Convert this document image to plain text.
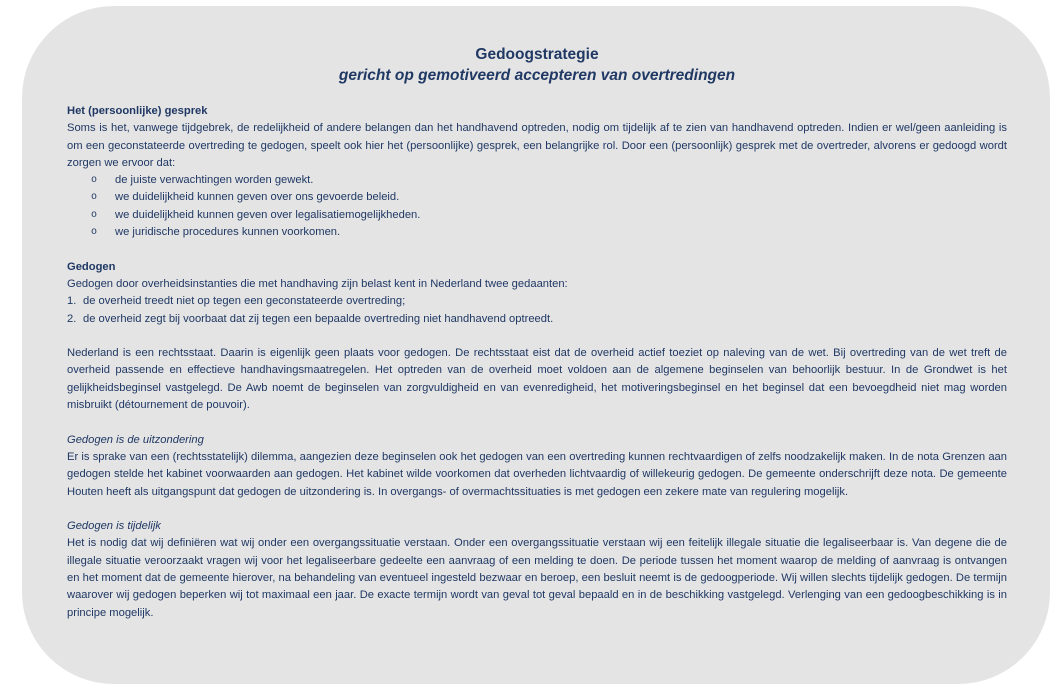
Gedoogstrategie
gericht op gemotiveerd accepteren van overtredingen

Het (persoonlijke) gesprek

Soms is het, vanwege tijdgebrek, de redelijkheid of andere belangen dan het handhavend optreden, nodig om tijdelijk af te zien van handhavend optreden. Indien er wel/geen aanleiding is om een geconstateerde overtreding te gedogen, speelt ook hier het (persoonlijke) gesprek, een belangrijke rol. Door een (persoonlijk) gesprek met de overtreder, alvorens er gedoogd wordt zorgen we ervoor dat:

o de juiste verwachtingen worden gewekt.
o we duidelijkheid kunnen geven over ons gevoerde beleid.
o we duidelijkheid kunnen geven over legalisatiemogelijkheden.
o we juridische procedures kunnen voorkomen.

Gedogen

Gedogen door overheidsinstanties die met handhaving zijn belast kent in Nederland twee gedaanten:

1. de overheid treedt niet op tegen een geconstateerde overtreding;
2. de overheid zegt bij voorbaat dat zij tegen een bepaalde overtreding niet handhavend optreedt.

Nederland is een rechtsstaat. Daarin is eigenlijk geen plaats voor gedogen. De rechtsstaat eist dat de overheid actief toeziet op naleving van de wet. Bij overtreding van de wet treft de overheid passende en effectieve handhavingsmaatregelen. Het optreden van de overheid moet voldoen aan de algemene beginselen van behoorlijk bestuur. In de Grondwet is het gelijkheidsbeginsel vastgelegd. De Awb noemt de beginselen van zorgvuldigheid en van evenredigheid, het motiveringsbeginsel en het beginsel dat een bevoegdheid niet mag worden misbruikt (détournement de pouvoir).

Gedogen is de uitzondering

Er is sprake van een (rechtsstatelijk) dilemma, aangezien deze beginselen ook het gedogen van een overtreding kunnen rechtvaardigen of zelfs noodzakelijk maken. In de nota Grenzen aan gedogen stelde het kabinet voorwaarden aan gedogen. Het kabinet wilde voorkomen dat overheden lichtvaardig of willekeurig gedogen. De gemeente onderschrijft deze nota. De gemeente Houten heeft als uitgangspunt dat gedogen de uitzondering is. In overgangs- of overmachtssituaties is met gedogen een zekere mate van regulering mogelijk.

Gedogen is tijdelijk

Het is nodig dat wij definiëren wat wij onder een overgangssituatie verstaan. Onder een overgangssituatie verstaan wij een feitelijk illegale situatie die legaliseerbaar is. Van degene die de illegale situatie veroorzaakt vragen wij voor het legaliseerbare gedeelte een aanvraag of een melding te doen. De periode tussen het moment waarop de melding of aanvraag is ontvangen en het moment dat de gemeente hierover, na behandeling van eventueel ingesteld bezwaar en beroep, een besluit neemt is de gedoogperiode. Wij willen slechts tijdelijk gedogen. De termijn waarover wij gedogen beperken wij tot maximaal een jaar. De exacte termijn wordt van geval tot geval bepaald en in de beschikking vastgelegd. Verlenging van een gedoogbeschikking is in principe mogelijk.
